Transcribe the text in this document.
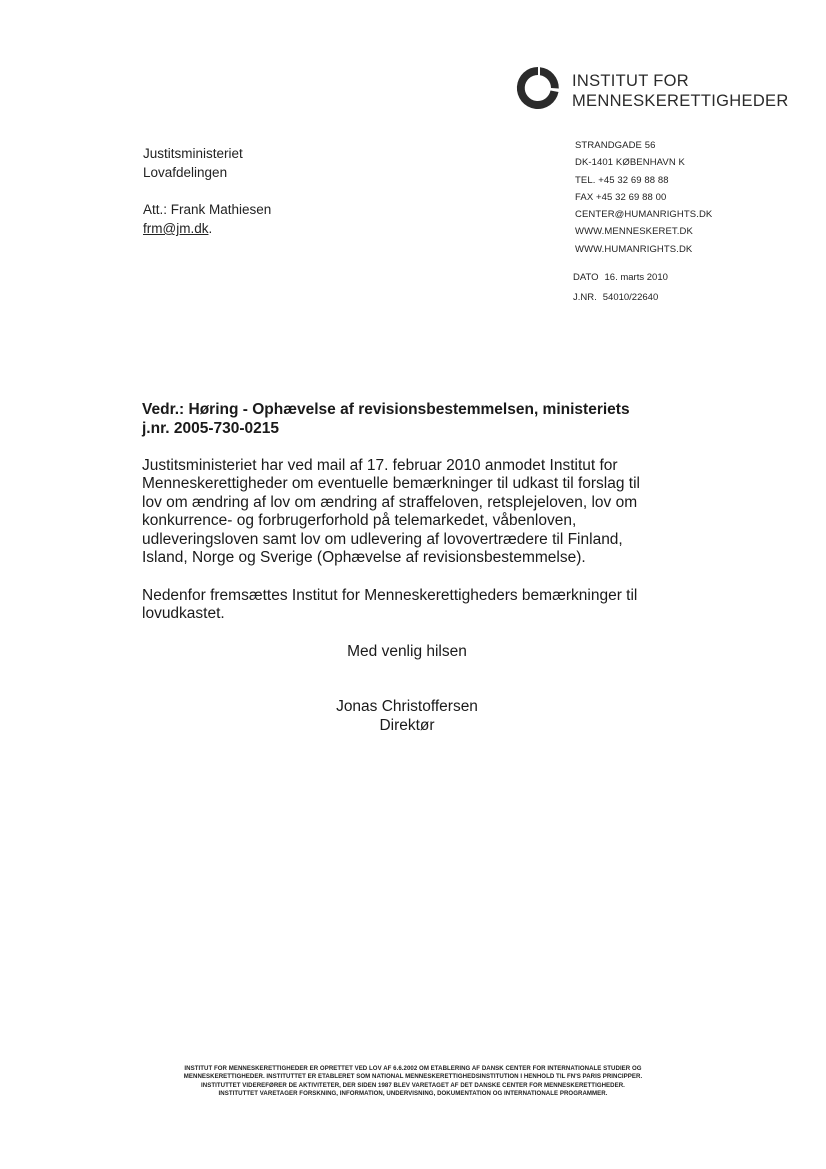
INSTITUT FOR
MENNESKERETTIGHEDER
Justitsministeriet
Lovafdelingen
Att.: Frank Mathiesen
frm@jm.dk.
STRANDGADE 56
DK-1401 KØBENHAVN K
TEL. +45 32 69 88 88
FAX +45 32 69 88 00
CENTER@HUMANRIGHTS.DK
WWW.MENNESKERET.DK
WWW.HUMANRIGHTS.DK
DATO 16. marts 2010
J.NR. 54010/22640
Vedr.: Høring - Ophævelse af revisionsbestemmelsen, ministeriets
j.nr. 2005-730-0215
Justitsministeriet har ved mail af 17. februar 2010 anmodet Institut for
Menneskerettigheder om eventuelle bemærkninger til udkast til forslag til
lov om ændring af lov om ændring af straffeloven, retsplejeloven, lov om
konkurrence- og forbrugerforhold på telemarkedet, våbenloven,
udleveringsloven samt lov om udlevering af lovovertrædere til Finland,
Island, Norge og Sverige (Ophævelse af revisionsbestemmelse).
Nedenfor fremsættes Institut for Menneskerettigheders bemærkninger til
lovudkastet.
Med venlig hilsen
Jonas Christoffersen
Direktør
INSTITUT FOR MENNESKERETTIGHEDER ER OPRETTET VED LOV AF 6.6.2002 OM ETABLERING AF DANSK CENTER FOR INTERNATIONALE STUDIER OG
MENNESKERETTIGHEDER. INSTITUTTET ER ETABLERET SOM NATIONAL MENNESKERETTIGHEDSINSTITUTION I HENHOLD TIL FN'S PARIS PRINCIPPER.
INSTITUTTET VIDEREFØRER DE AKTIVITETER, DER SIDEN 1987 BLEV VARETAGET AF DET DANSKE CENTER FOR MENNESKERETTIGHEDER.
INSTITUTTET VARETAGER FORSKNING, INFORMATION, UNDERVISNING, DOKUMENTATION OG INTERNATIONALE PROGRAMMER.
